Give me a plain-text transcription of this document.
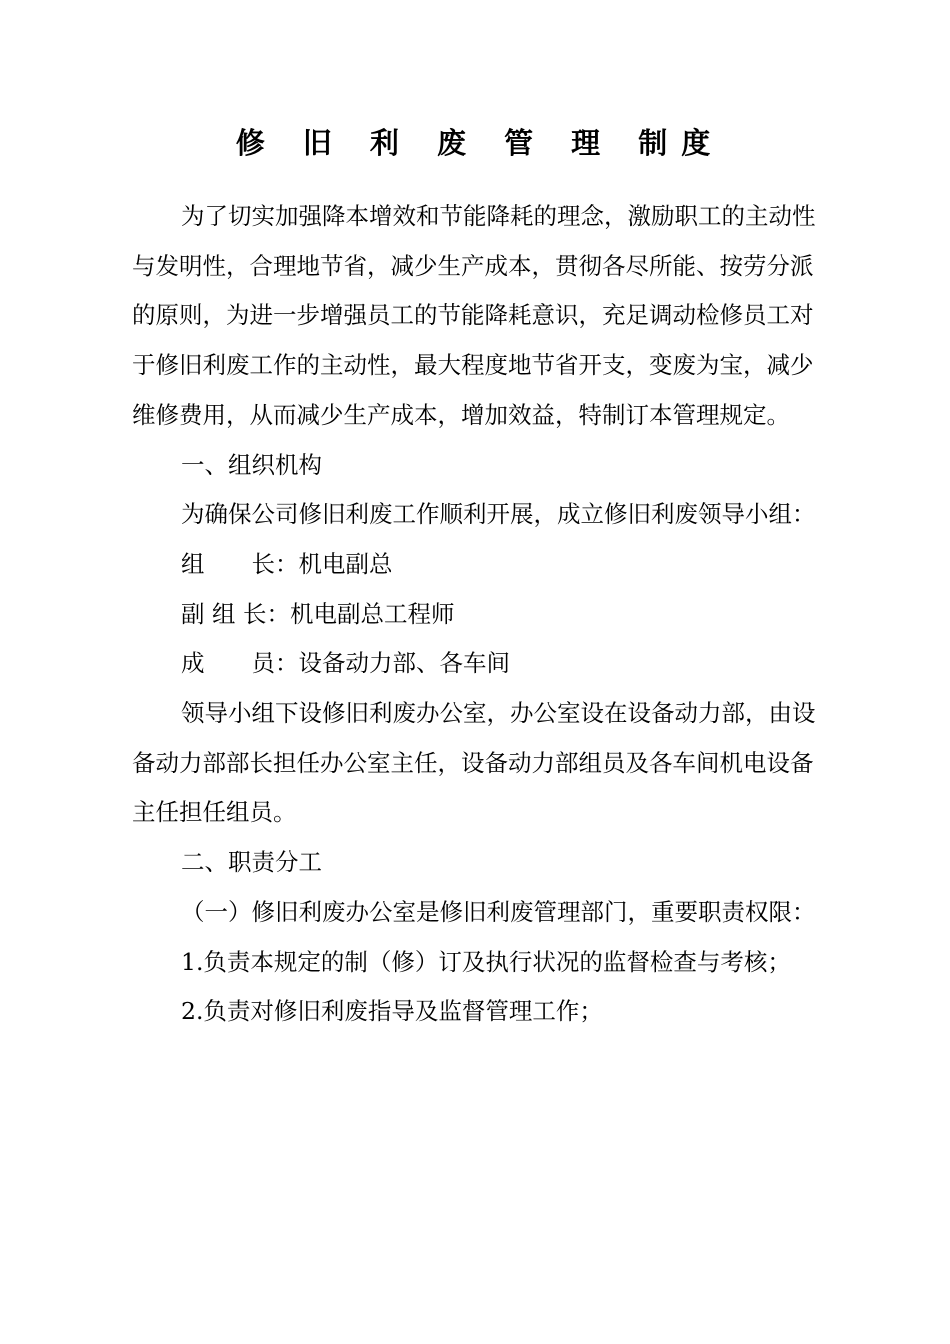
修 旧 利 废 管 理 制度

为了切实加强降本增效和节能降耗的理念，激励职工的主动性与发明性，合理地节省，减少生产成本，贯彻各尽所能、按劳分派的原则，为进一步增强员工的节能降耗意识，充足调动检修员工对于修旧利废工作的主动性，最大程度地节省开支，变废为宝，减少维修费用，从而减少生产成本，增加效益，特制订本管理规定。

一、组织机构

为确保公司修旧利废工作顺利开展，成立修旧利废领导小组：

组　　长：机电副总

副 组 长：机电副总工程师

成　　员：设备动力部、各车间

领导小组下设修旧利废办公室，办公室设在设备动力部，由设备动力部部长担任办公室主任，设备动力部组员及各车间机电设备主任担任组员。

二、职责分工

（一）修旧利废办公室是修旧利废管理部门，重要职责权限：

1.负责本规定的制（修）订及执行状况的监督检查与考核；

2.负责对修旧利废指导及监督管理工作；
